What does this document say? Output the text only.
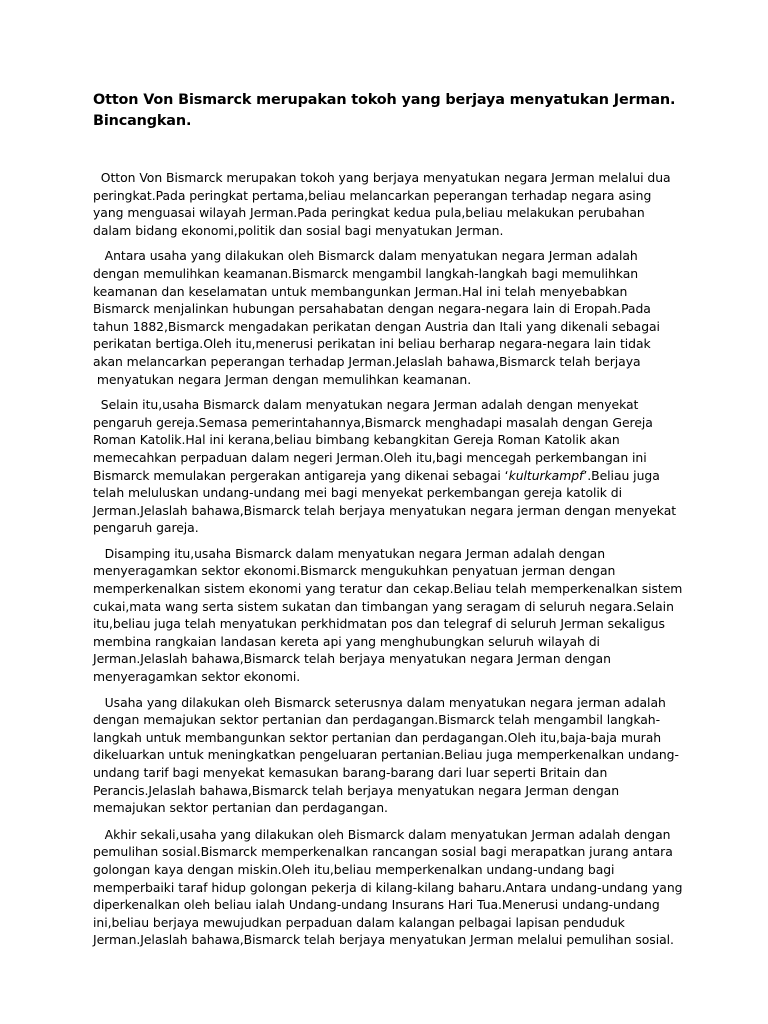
Otton Von Bismarck merupakan tokoh yang berjaya menyatukan Jerman.
Bincangkan.

Otton Von Bismarck merupakan tokoh yang berjaya menyatukan negara Jerman melalui dua peringkat.Pada peringkat pertama,beliau melancarkan peperangan terhadap negara asing yang menguasai wilayah Jerman.Pada peringkat kedua pula,beliau melakukan perubahan dalam bidang ekonomi,politik dan sosial bagi menyatukan Jerman.

Antara usaha yang dilakukan oleh Bismarck dalam menyatukan negara Jerman adalah dengan memulihkan keamanan.Bismarck mengambil langkah-langkah bagi memulihkan keamanan dan keselamatan untuk membangunkan Jerman.Hal ini telah menyebabkan Bismarck menjalinkan hubungan persahabatan dengan negara-negara lain di Eropah.Pada tahun 1882,Bismarck mengadakan perikatan dengan Austria dan Itali yang dikenali sebagai perikatan bertiga.Oleh itu,menerusi perikatan ini beliau berharap negara-negara lain tidak akan melancarkan peperangan terhadap Jerman.Jelaslah bahawa,Bismarck telah berjaya  menyatukan negara Jerman dengan memulihkan keamanan.

Selain itu,usaha Bismarck dalam menyatukan negara Jerman adalah dengan menyekat pengaruh gereja.Semasa pemerintahannya,Bismarck menghadapi masalah dengan Gereja Roman Katolik.Hal ini kerana,beliau bimbang kebangkitan Gereja Roman Katolik akan memecahkan perpaduan dalam negeri Jerman.Oleh itu,bagi mencegah perkembangan ini Bismarck memulakan pergerakan antigareja yang dikenai sebagai ‘kulturkampf’.Beliau juga telah meluluskan undang-undang mei bagi menyekat perkembangan gereja katolik di Jerman.Jelaslah bahawa,Bismarck telah berjaya menyatukan negara jerman dengan menyekat pengaruh gareja.

Disamping itu,usaha Bismarck dalam menyatukan negara Jerman adalah dengan menyeragamkan sektor ekonomi.Bismarck mengukuhkan penyatuan jerman dengan memperkenalkan sistem ekonomi yang teratur dan cekap.Beliau telah memperkenalkan sistem cukai,mata wang serta sistem sukatan dan timbangan yang seragam di seluruh negara.Selain itu,beliau juga telah menyatukan perkhidmatan pos dan telegraf di seluruh Jerman sekaligus membina rangkaian landasan kereta api yang menghubungkan seluruh wilayah di Jerman.Jelaslah bahawa,Bismarck telah berjaya menyatukan negara Jerman dengan menyeragamkan sektor ekonomi.

Usaha yang dilakukan oleh Bismarck seterusnya dalam menyatukan negara jerman adalah dengan memajukan sektor pertanian dan perdagangan.Bismarck telah mengambil langkah-langkah untuk membangunkan sektor pertanian dan perdagangan.Oleh itu,baja-baja murah dikeluarkan untuk meningkatkan pengeluaran pertanian.Beliau juga memperkenalkan undang-undang tarif bagi menyekat kemasukan barang-barang dari luar seperti Britain dan Perancis.Jelaslah bahawa,Bismarck telah berjaya menyatukan negara Jerman dengan memajukan sektor pertanian dan perdagangan.

Akhir sekali,usaha yang dilakukan oleh Bismarck dalam menyatukan Jerman adalah dengan pemulihan sosial.Bismarck memperkenalkan rancangan sosial bagi merapatkan jurang antara golongan kaya dengan miskin.Oleh itu,beliau memperkenalkan undang-undang bagi memperbaiki taraf hidup golongan pekerja di kilang-kilang baharu.Antara undang-undang yang diperkenalkan oleh beliau ialah Undang-undang Insurans Hari Tua.Menerusi undang-undang ini,beliau berjaya mewujudkan perpaduan dalam kalangan pelbagai lapisan penduduk Jerman.Jelaslah bahawa,Bismarck telah berjaya menyatukan Jerman melalui pemulihan sosial.
